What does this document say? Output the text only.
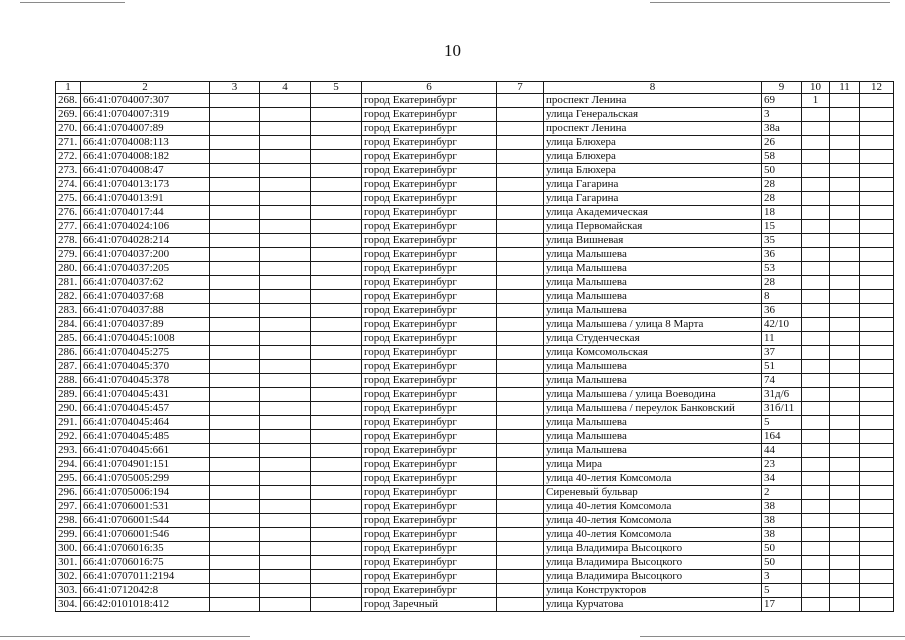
10
1	2	3	4	5	6	7	8	9	10	11	12
268.	66:41:0704007:307				город Екатеринбург		проспект Ленина	69	1		
269.	66:41:0704007:319				город Екатеринбург		улица Генеральская	3			
270.	66:41:0704007:89				город Екатеринбург		проспект Ленина	38а			
271.	66:41:0704008:113				город Екатеринбург		улица Блюхера	26			
272.	66:41:0704008:182				город Екатеринбург		улица Блюхера	58			
273.	66:41:0704008:47				город Екатеринбург		улица Блюхера	50			
274.	66:41:0704013:173				город Екатеринбург		улица Гагарина	28			
275.	66:41:0704013:91				город Екатеринбург		улица Гагарина	28			
276.	66:41:0704017:44				город Екатеринбург		улица Академическая	18			
277.	66:41:0704024:106				город Екатеринбург		улица Первомайская	15			
278.	66:41:0704028:214				город Екатеринбург		улица Вишневая	35			
279.	66:41:0704037:200				город Екатеринбург		улица Малышева	36			
280.	66:41:0704037:205				город Екатеринбург		улица Малышева	53			
281.	66:41:0704037:62				город Екатеринбург		улица Малышева	28			
282.	66:41:0704037:68				город Екатеринбург		улица Малышева	8			
283.	66:41:0704037:88				город Екатеринбург		улица Малышева	36			
284.	66:41:0704037:89				город Екатеринбург		улица Малышева / улица 8 Марта	42/10			
285.	66:41:0704045:1008				город Екатеринбург		улица Студенческая	11			
286.	66:41:0704045:275				город Екатеринбург		улица Комсомольская	37			
287.	66:41:0704045:370				город Екатеринбург		улица Малышева	51			
288.	66:41:0704045:378				город Екатеринбург		улица Малышева	74			
289.	66:41:0704045:431				город Екатеринбург		улица Малышева / улица Воеводина	31д/6			
290.	66:41:0704045:457				город Екатеринбург		улица Малышева / переулок Банковский	31б/11			
291.	66:41:0704045:464				город Екатеринбург		улица Малышева	5			
292.	66:41:0704045:485				город Екатеринбург		улица Малышева	164			
293.	66:41:0704045:661				город Екатеринбург		улица Малышева	44			
294.	66:41:0704901:151				город Екатеринбург		улица Мира	23			
295.	66:41:0705005:299				город Екатеринбург		улица 40-летия Комсомола	34			
296.	66:41:0705006:194				город Екатеринбург		Сиреневый бульвар	2			
297.	66:41:0706001:531				город Екатеринбург		улица 40-летия Комсомола	38			
298.	66:41:0706001:544				город Екатеринбург		улица 40-летия Комсомола	38			
299.	66:41:0706001:546				город Екатеринбург		улица 40-летия Комсомола	38			
300.	66:41:0706016:35				город Екатеринбург		улица Владимира Высоцкого	50			
301.	66:41:0706016:75				город Екатеринбург		улица Владимира Высоцкого	50			
302.	66:41:0707011:2194				город Екатеринбург		улица Владимира Высоцкого	3			
303.	66:41:0712042:8				город Екатеринбург		улица Конструкторов	5			
304.	66:42:0101018:412				город Заречный		улица Курчатова	17			
